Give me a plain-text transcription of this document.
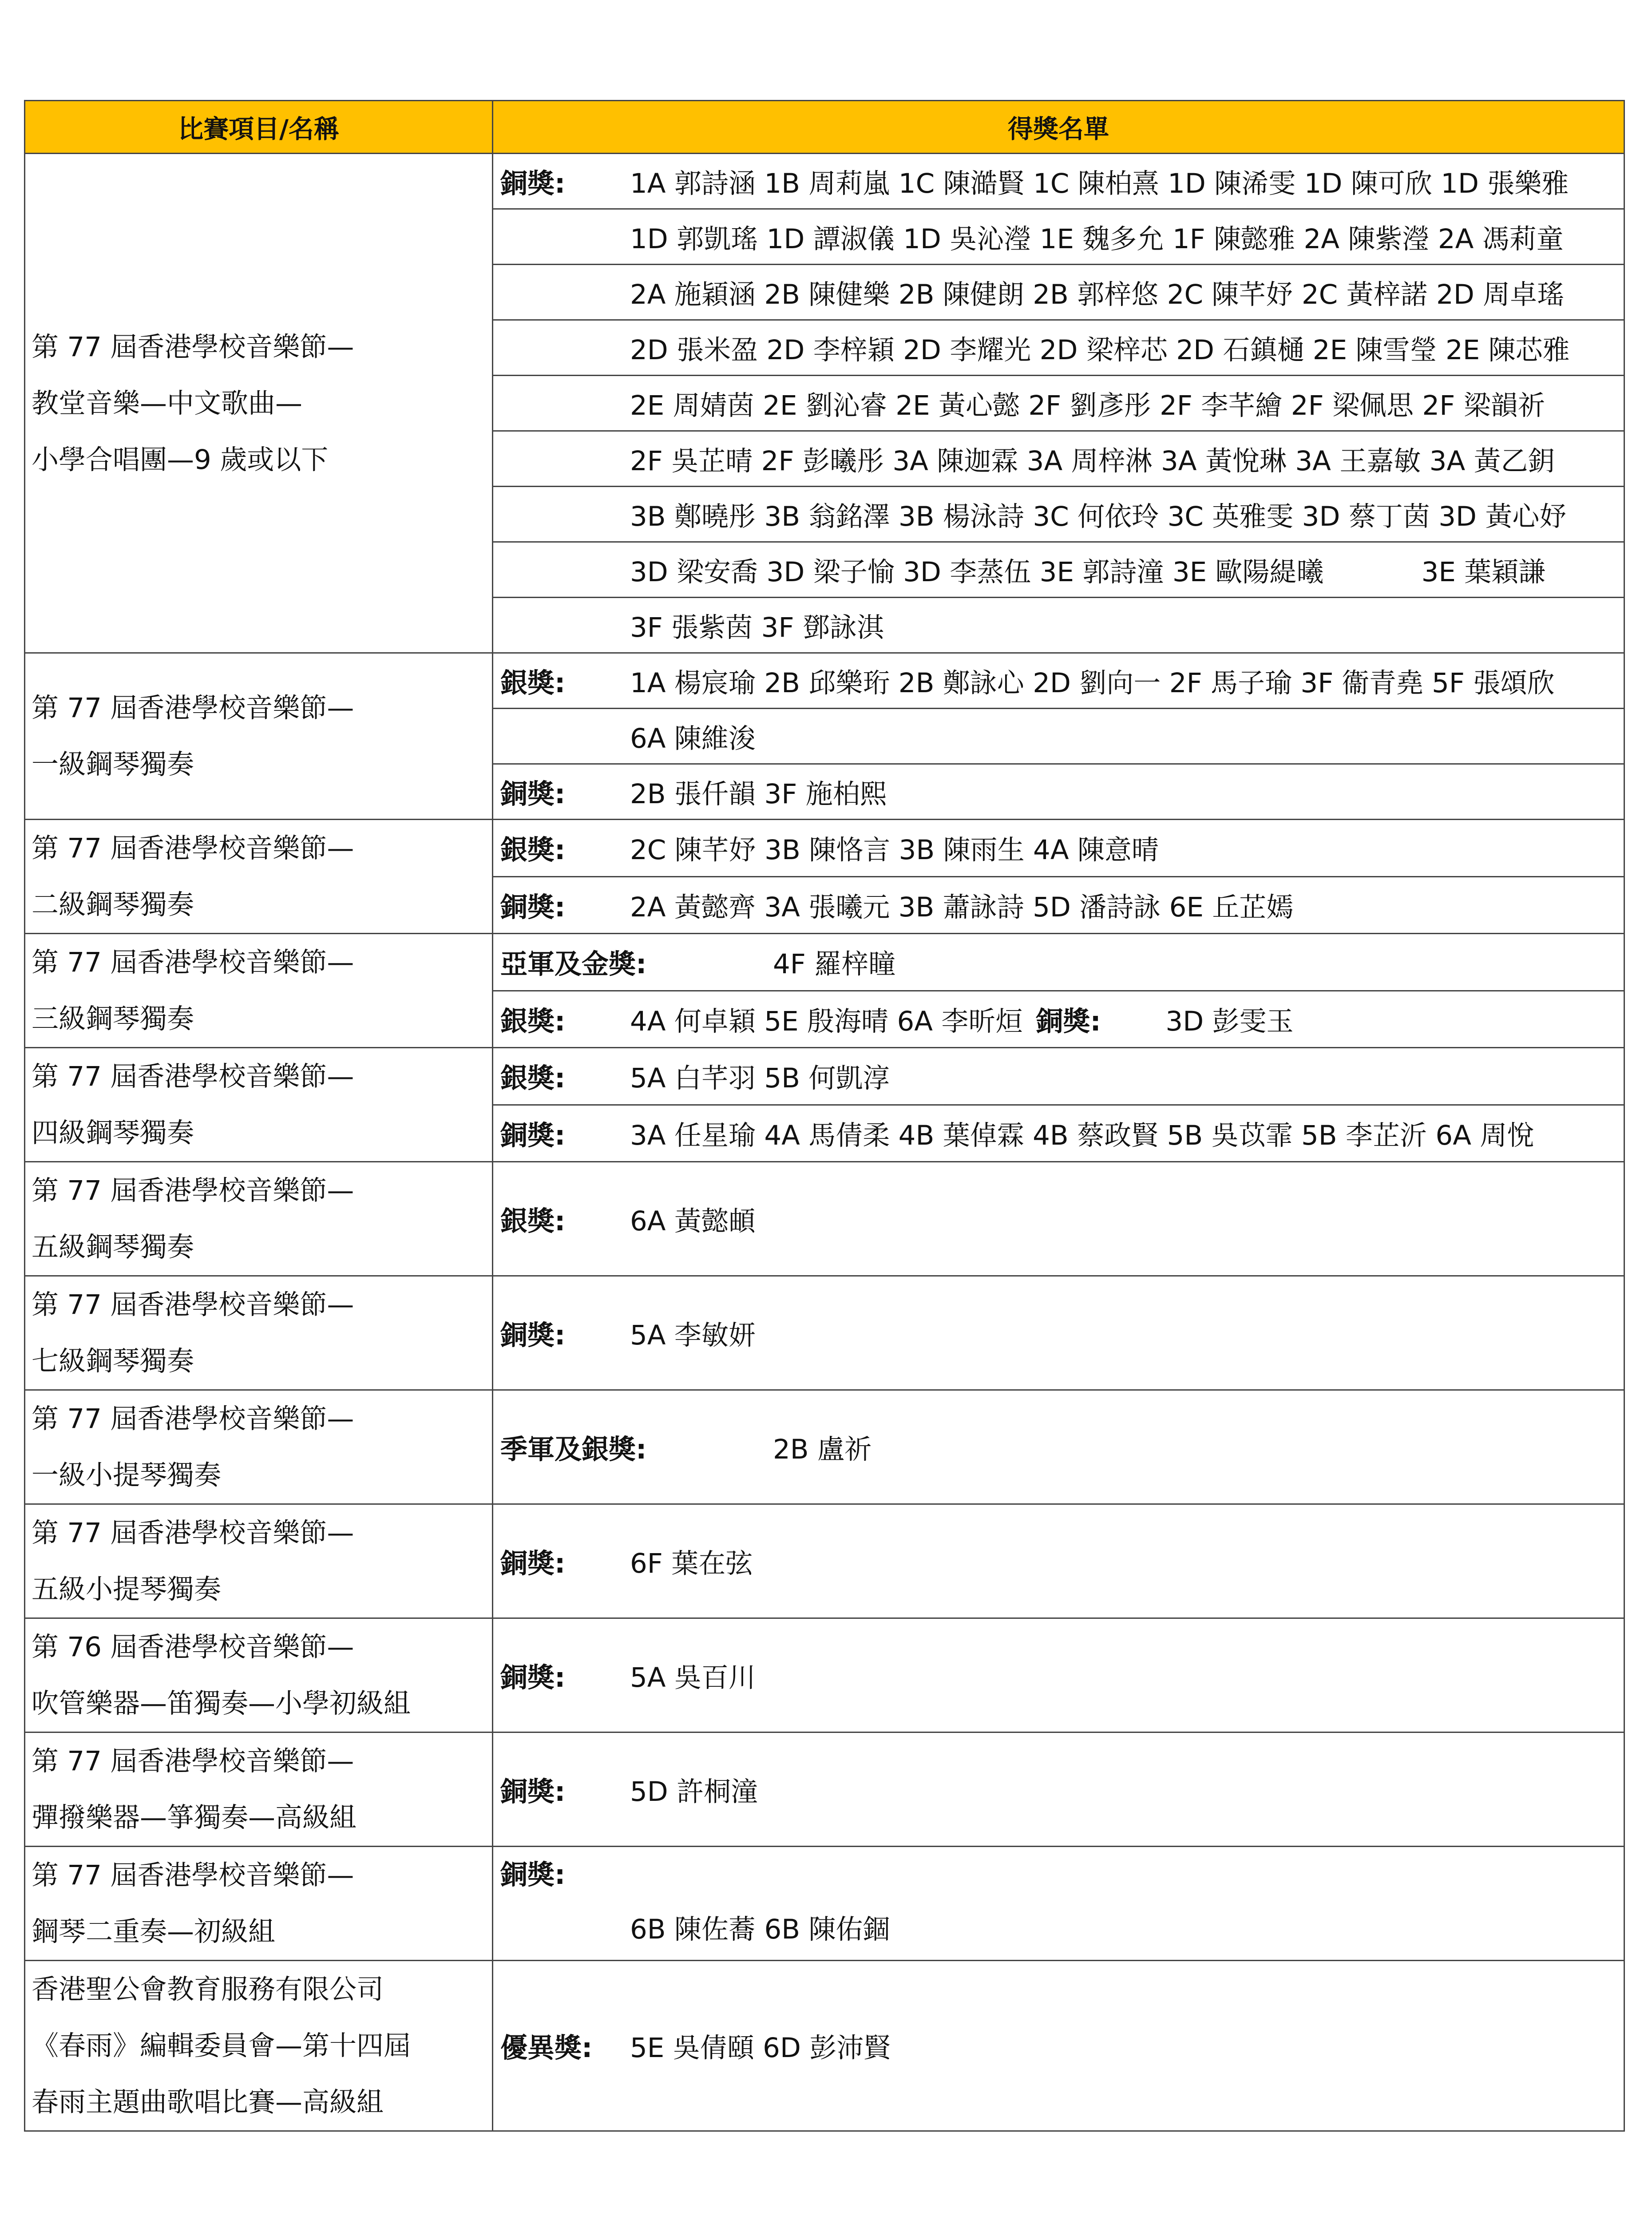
比賽項目/名稱	得獎名單

第 77 屆香港學校音樂節—
教堂音樂—中文歌曲—
小學合唱團—9 歲或以下	銅獎: 1A 郭詩涵 1B 周莉嵐 1C 陳澔賢 1C 陳柏熹 1D 陳浠雯 1D 陳可欣 1D 張樂雅
	1D 郭凱瑤 1D 譚淑儀 1D 吳沁瀅 1E 魏多允 1F 陳懿雅 2A 陳紫瀅 2A 馮莉童
	2A 施穎涵 2B 陳健樂 2B 陳健朗 2B 郭梓悠 2C 陳芊妤 2C 黃梓諾 2D 周卓瑤
	2D 張米盈 2D 李梓穎 2D 李耀光 2D 梁梓芯 2D 石鎮樋 2E 陳雪瑩 2E 陳芯雅
	2E 周婧茵 2E 劉沁睿 2E 黃心懿 2F 劉彥彤 2F 李芊繪 2F 梁佩思 2F 梁韻祈
	2F 吳芷晴 2F 彭曦彤 3A 陳迦霖 3A 周梓淋 3A 黃悅琳 3A 王嘉敏 3A 黃乙鈅
	3B 鄭曉彤 3B 翁銘澤 3B 楊泳詩 3C 何依玲 3C 英雅雯 3D 蔡丁茵 3D 黃心妤
	3D 梁安喬 3D 梁子愉 3D 李蒸伍 3E 郭詩潼 3E 歐陽緹曦 3E 葉穎謙
	3F 張紫茵 3F 鄧詠淇

第 77 屆香港學校音樂節—
一級鋼琴獨奏	銀獎: 1A 楊宸瑜 2B 邱樂珩 2B 鄭詠心 2D 劉向一 2F 馬子瑜 3F 衞青堯 5F 張頌欣
	6A 陳維浚
	銅獎: 2B 張仟韻 3F 施柏熙

第 77 屆香港學校音樂節—
二級鋼琴獨奏	銀獎: 2C 陳芊妤 3B 陳恪言 3B 陳雨生 4A 陳意晴
	銅獎: 2A 黃懿齊 3A 張曦元 3B 蕭詠詩 5D 潘詩詠 6E 丘芷嫣

第 77 屆香港學校音樂節—
三級鋼琴獨奏	亞軍及金獎: 4F 羅梓瞳
	銀獎: 4A 何卓穎 5E 殷海晴 6A 李昕烜 銅獎: 3D 彭雯玉

第 77 屆香港學校音樂節—
四級鋼琴獨奏	銀獎: 5A 白芊羽 5B 何凱淳
	銅獎: 3A 任星瑜 4A 馬倩柔 4B 葉倬霖 4B 蔡政賢 5B 吳苡霏 5B 李芷沂 6A 周悅

第 77 屆香港學校音樂節—
五級鋼琴獨奏	銀獎: 6A 黃懿頔

第 77 屆香港學校音樂節—
七級鋼琴獨奏	銅獎: 5A 李敏妍

第 77 屆香港學校音樂節—
一級小提琴獨奏	季軍及銀獎: 2B 盧祈

第 77 屆香港學校音樂節—
五級小提琴獨奏	銅獎: 6F 葉在弦

第 76 屆香港學校音樂節—
吹管樂器—笛獨奏—小學初級組	銅獎: 5A 吳百川

第 77 屆香港學校音樂節—
彈撥樂器—箏獨奏—高級組	銅獎: 5D 許桐潼

第 77 屆香港學校音樂節—
鋼琴二重奏—初級組	銅獎:
6B 陳佐蕎 6B 陳佑錮

香港聖公會教育服務有限公司
《春雨》編輯委員會—第十四屆
春雨主題曲歌唱比賽—高級組	優異獎: 5E 吳倩頤 6D 彭沛賢
